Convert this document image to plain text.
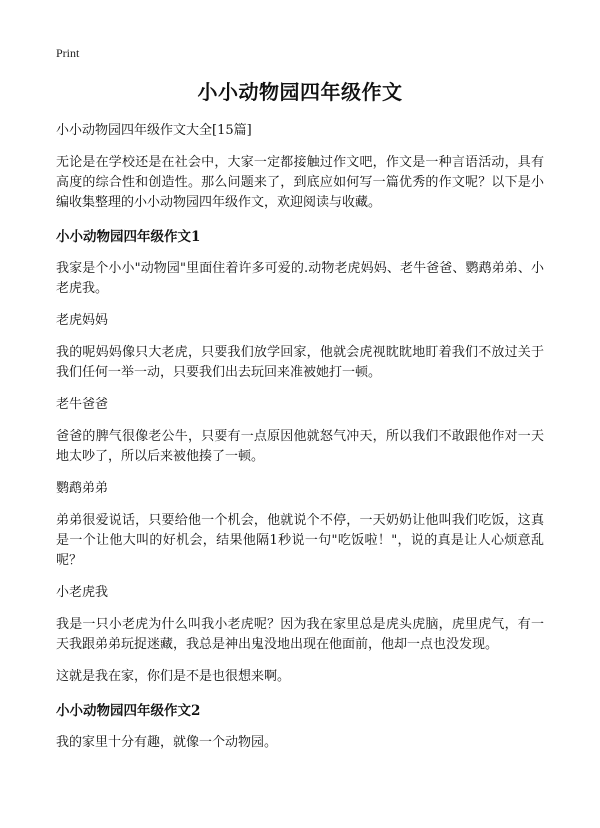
Print
小小动物园四年级作文
小小动物园四年级作文大全[15篇]

无论是在学校还是在社会中，大家一定都接触过作文吧，作文是一种言语活动，具有高度的综合性和创造性。那么问题来了，到底应如何写一篇优秀的作文呢？以下是小编收集整理的小小动物园四年级作文，欢迎阅读与收藏。

小小动物园四年级作文1

我家是个小小"动物园"里面住着许多可爱的.动物老虎妈妈、老牛爸爸、鹦鹉弟弟、小老虎我。

老虎妈妈

我的呢妈妈像只大老虎，只要我们放学回家，他就会虎视眈眈地盯着我们不放过关于我们任何一举一动，只要我们出去玩回来准被她打一顿。

老牛爸爸

爸爸的脾气很像老公牛，只要有一点原因他就怒气冲天，所以我们不敢跟他作对一天地太吵了，所以后来被他揍了一顿。

鹦鹉弟弟

弟弟很爱说话，只要给他一个机会，他就说个不停，一天奶奶让他叫我们吃饭，这真是一个让他大叫的好机会，结果他隔1秒说一句"吃饭啦！"，说的真是让人心烦意乱呢？

小老虎我

我是一只小老虎为什么叫我小老虎呢？因为我在家里总是虎头虎脑，虎里虎气，有一天我跟弟弟玩捉迷藏，我总是神出鬼没地出现在他面前，他却一点也没发现。

这就是我在家，你们是不是也很想来啊。

小小动物园四年级作文2

我的家里十分有趣，就像一个动物园。
